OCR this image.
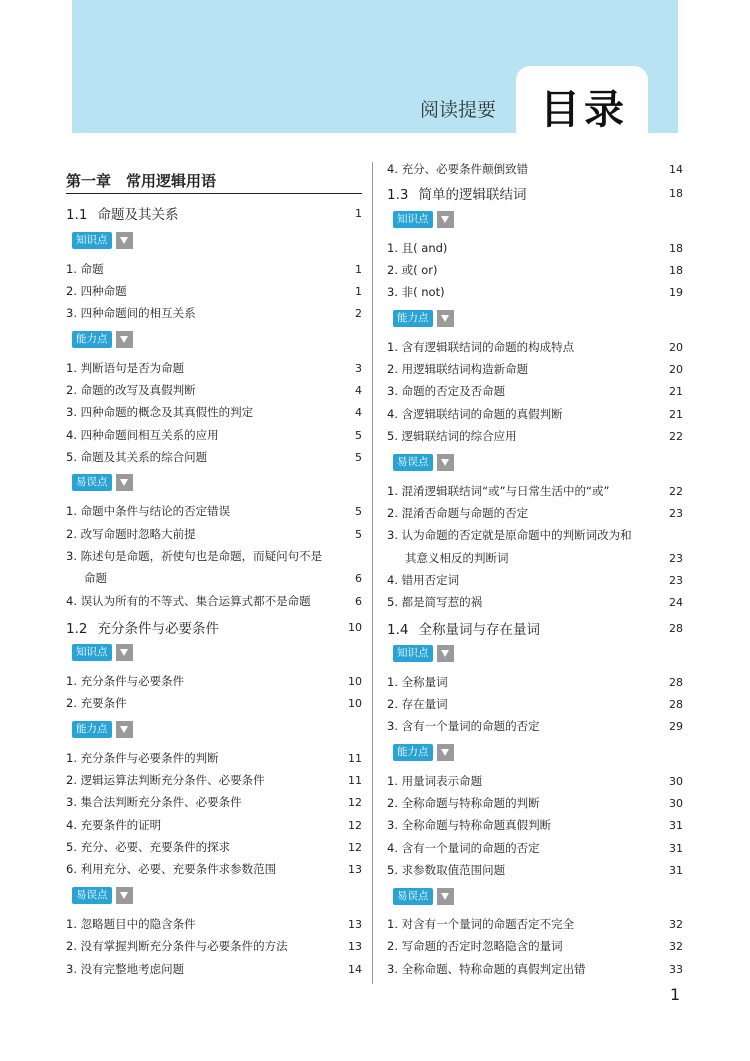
阅读提要 目录
第一章　常用逻辑用语
1.1 命题及其关系	1
知识点
1. 命题	1
2. 四种命题	1
3. 四种命题间的相互关系	2
能力点
1. 判断语句是否为命题	3
2. 命题的改写及真假判断	4
3. 四种命题的概念及其真假性的判定	4
4. 四种命题间相互关系的应用	5
5. 命题及其关系的综合问题	5
易误点
1. 命题中条件与结论的否定错误	5
2. 改写命题时忽略大前提	5
3. 陈述句是命题，祈使句也是命题，而疑问句不是
命题	6
4. 误认为所有的不等式、集合运算式都不是命题	6
1.2 充分条件与必要条件	10
知识点
1. 充分条件与必要条件	10
2. 充要条件	10
能力点
1. 充分条件与必要条件的判断	11
2. 逻辑运算法判断充分条件、必要条件	11
3. 集合法判断充分条件、必要条件	12
4. 充要条件的证明	12
5. 充分、必要、充要条件的探求	12
6. 利用充分、必要、充要条件求参数范围	13
易误点
1. 忽略题目中的隐含条件	13
2. 没有掌握判断充分条件与必要条件的方法	13
3. 没有完整地考虑问题	14
4. 充分、必要条件颠倒致错	14
1.3 简单的逻辑联结词	18
知识点
1. 且( and)	18
2. 或( or)	18
3. 非( not)	19
能力点
1. 含有逻辑联结词的命题的构成特点	20
2. 用逻辑联结词构造新命题	20
3. 命题的否定及否命题	21
4. 含逻辑联结词的命题的真假判断	21
5. 逻辑联结词的综合应用	22
易误点
1. 混淆逻辑联结词“或”与日常生活中的“或”	22
2. 混淆否命题与命题的否定	23
3. 认为命题的否定就是原命题中的判断词改为和
其意义相反的判断词	23
4. 错用否定词	23
5. 都是简写惹的祸	24
1.4 全称量词与存在量词	28
知识点
1. 全称量词	28
2. 存在量词	28
3. 含有一个量词的命题的否定	29
能力点
1. 用量词表示命题	30
2. 全称命题与特称命题的判断	30
3. 全称命题与特称命题真假判断	31
4. 含有一个量词的命题的否定	31
5. 求参数取值范围问题	31
易误点
1. 对含有一个量词的命题否定不完全	32
2. 写命题的否定时忽略隐含的量词	32
3. 全称命题、特称命题的真假判定出错	33
1
